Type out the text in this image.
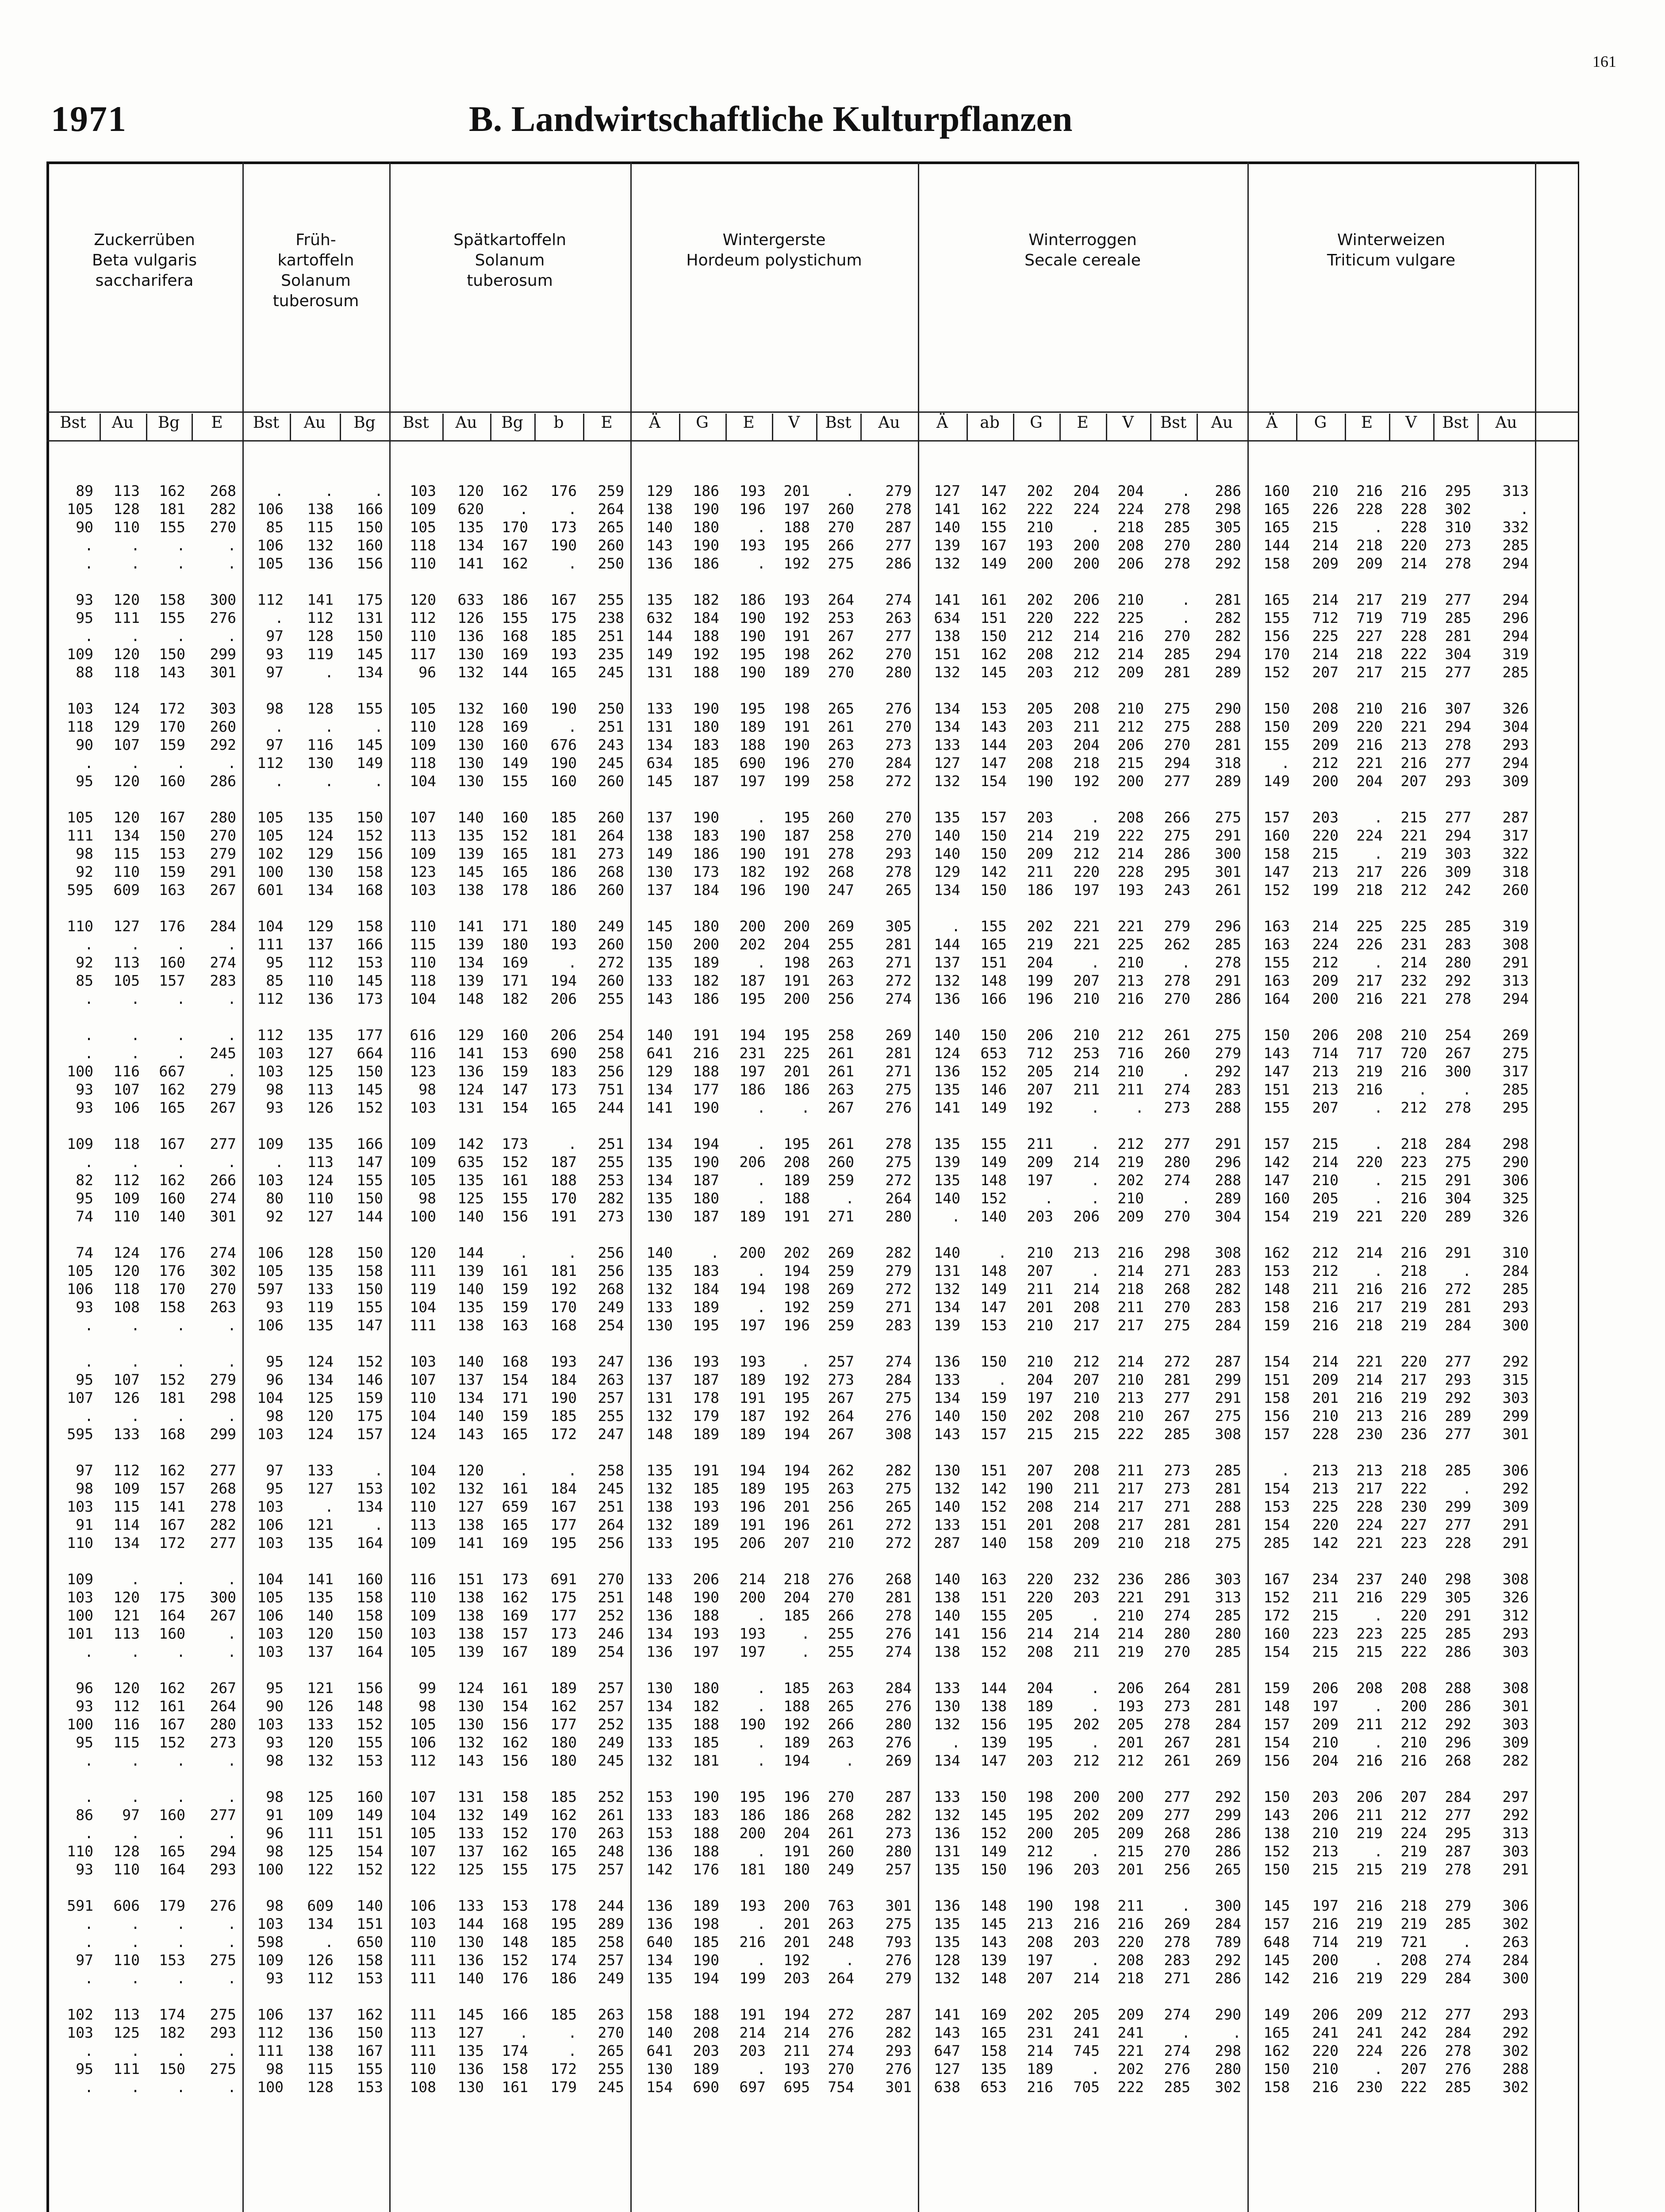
161
1971	B. Landwirtschaftliche Kulturpflanzen
Zuckerrüben
Beta vulgaris
saccharifera
Bst	Au	Bg	E
Früh-
kartoffeln
Solanum
tuberosum
Bst	Au	Bg
Spätkartoffeln
Solanum
tuberosum
Bst	Au	Bg	b	E
Wintergerste
Hordeum polystichum
Ä	G	E	V	Bst	Au
Winterroggen
Secale cereale
Ä	ab	G	E	V	Bst	Au
Winterweizen
Triticum vulgare
Ä	G	E	V	Bst	Au
89	113	162	268	.	.	.	103	120	162	176	259	129	186	193	201	.	279	127	147	202	204	204	.	286	160	210	216	216	295	313
105	128	181	282	106	138	166	109	620	.	.	264	138	190	196	197	260	278	141	162	222	224	224	278	298	165	226	228	228	302	.
90	110	155	270	85	115	150	105	135	170	173	265	140	180	.	188	270	287	140	155	210	.	218	285	305	165	215	.	228	310	332
.	.	.	.	106	132	160	118	134	167	190	260	143	190	193	195	266	277	139	167	193	200	208	270	280	144	214	218	220	273	285
.	.	.	.	105	136	156	110	141	162	.	250	136	186	.	192	275	286	132	149	200	200	206	278	292	158	209	209	214	278	294
93	120	158	300	112	141	175	120	633	186	167	255	135	182	186	193	264	274	141	161	202	206	210	.	281	165	214	217	219	277	294
95	111	155	276	.	112	131	112	126	155	175	238	632	184	190	192	253	263	634	151	220	222	225	.	282	155	712	719	719	285	296
.	.	.	.	97	128	150	110	136	168	185	251	144	188	190	191	267	277	138	150	212	214	216	270	282	156	225	227	228	281	294
109	120	150	299	93	119	145	117	130	169	193	235	149	192	195	198	262	270	151	162	208	212	214	285	294	170	214	218	222	304	319
88	118	143	301	97	.	134	96	132	144	165	245	131	188	190	189	270	280	132	145	203	212	209	281	289	152	207	217	215	277	285
103	124	172	303	98	128	155	105	132	160	190	250	133	190	195	198	265	276	134	153	205	208	210	275	290	150	208	210	216	307	326
118	129	170	260	.	.	.	110	128	169	.	251	131	180	189	191	261	270	134	143	203	211	212	275	288	150	209	220	221	294	304
90	107	159	292	97	116	145	109	130	160	676	243	134	183	188	190	263	273	133	144	203	204	206	270	281	155	209	216	213	278	293
.	.	.	.	112	130	149	118	130	149	190	245	634	185	690	196	270	284	127	147	208	218	215	294	318	.	212	221	216	277	294
95	120	160	286	.	.	.	104	130	155	160	260	145	187	197	199	258	272	132	154	190	192	200	277	289	149	200	204	207	293	309
105	120	167	280	105	135	150	107	140	160	185	260	137	190	.	195	260	270	135	157	203	.	208	266	275	157	203	.	215	277	287
111	134	150	270	105	124	152	113	135	152	181	264	138	183	190	187	258	270	140	150	214	219	222	275	291	160	220	224	221	294	317
98	115	153	279	102	129	156	109	139	165	181	273	149	186	190	191	278	293	140	150	209	212	214	286	300	158	215	.	219	303	322
92	110	159	291	100	130	158	123	145	165	186	268	130	173	182	192	268	278	129	142	211	220	228	295	301	147	213	217	226	309	318
595	609	163	267	601	134	168	103	138	178	186	260	137	184	196	190	247	265	134	150	186	197	193	243	261	152	199	218	212	242	260
110	127	176	284	104	129	158	110	141	171	180	249	145	180	200	200	269	305	.	155	202	221	221	279	296	163	214	225	225	285	319
.	.	.	.	111	137	166	115	139	180	193	260	150	200	202	204	255	281	144	165	219	221	225	262	285	163	224	226	231	283	308
92	113	160	274	95	112	153	110	134	169	.	272	135	189	.	198	263	271	137	151	204	.	210	.	278	155	212	.	214	280	291
85	105	157	283	85	110	145	118	139	171	194	260	133	182	187	191	263	272	132	148	199	207	213	278	291	163	209	217	232	292	313
.	.	.	.	112	136	173	104	148	182	206	255	143	186	195	200	256	274	136	166	196	210	216	270	286	164	200	216	221	278	294
.	.	.	.	112	135	177	616	129	160	206	254	140	191	194	195	258	269	140	150	206	210	212	261	275	150	206	208	210	254	269
.	.	.	245	103	127	664	116	141	153	690	258	641	216	231	225	261	281	124	653	712	253	716	260	279	143	714	717	720	267	275
100	116	667	.	103	125	150	123	136	159	183	256	129	188	197	201	261	271	136	152	205	214	210	.	292	147	213	219	216	300	317
93	107	162	279	98	113	145	98	124	147	173	751	134	177	186	186	263	275	135	146	207	211	211	274	283	151	213	216	.	.	285
93	106	165	267	93	126	152	103	131	154	165	244	141	190	.	.	267	276	141	149	192	.	.	273	288	155	207	.	212	278	295
109	118	167	277	109	135	166	109	142	173	.	251	134	194	.	195	261	278	135	155	211	.	212	277	291	157	215	.	218	284	298
.	.	.	.	.	113	147	109	635	152	187	255	135	190	206	208	260	275	139	149	209	214	219	280	296	142	214	220	223	275	290
82	112	162	266	103	124	155	105	135	161	188	253	134	187	.	189	259	272	135	148	197	.	202	274	288	147	210	.	215	291	306
95	109	160	274	80	110	150	98	125	155	170	282	135	180	.	188	.	264	140	152	.	.	210	.	289	160	205	.	216	304	325
74	110	140	301	92	127	144	100	140	156	191	273	130	187	189	191	271	280	.	140	203	206	209	270	304	154	219	221	220	289	326
74	124	176	274	106	128	150	120	144	.	.	256	140	.	200	202	269	282	140	.	210	213	216	298	308	162	212	214	216	291	310
105	120	176	302	105	135	158	111	139	161	181	256	135	183	.	194	259	279	131	148	207	.	214	271	283	153	212	.	218	.	284
106	118	170	270	597	133	150	119	140	159	192	268	132	184	194	198	269	272	132	149	211	214	218	268	282	148	211	216	216	272	285
93	108	158	263	93	119	155	104	135	159	170	249	133	189	.	192	259	271	134	147	201	208	211	270	283	158	216	217	219	281	293
.	.	.	.	106	135	147	111	138	163	168	254	130	195	197	196	259	283	139	153	210	217	217	275	284	159	216	218	219	284	300
.	.	.	.	95	124	152	103	140	168	193	247	136	193	193	.	257	274	136	150	210	212	214	272	287	154	214	221	220	277	292
95	107	152	279	96	134	146	107	137	154	184	263	137	187	189	192	273	284	133	.	204	207	210	281	299	151	209	214	217	293	315
107	126	181	298	104	125	159	110	134	171	190	257	131	178	191	195	267	275	134	159	197	210	213	277	291	158	201	216	219	292	303
.	.	.	.	98	120	175	104	140	159	185	255	132	179	187	192	264	276	140	150	202	208	210	267	275	156	210	213	216	289	299
595	133	168	299	103	124	157	124	143	165	172	247	148	189	189	194	267	308	143	157	215	215	222	285	308	157	228	230	236	277	301
97	112	162	277	97	133	.	104	120	.	.	258	135	191	194	194	262	282	130	151	207	208	211	273	285	.	213	213	218	285	306
98	109	157	268	95	127	153	102	132	161	184	245	132	185	189	195	263	275	132	142	190	211	217	273	281	154	213	217	222	.	292
103	115	141	278	103	.	134	110	127	659	167	251	138	193	196	201	256	265	140	152	208	214	217	271	288	153	225	228	230	299	309
91	114	167	282	106	121	.	113	138	165	177	264	132	189	191	196	261	272	133	151	201	208	217	281	281	154	220	224	227	277	291
110	134	172	277	103	135	164	109	141	169	195	256	133	195	206	207	210	272	287	140	158	209	210	218	275	285	142	221	223	228	291
109	.	.	.	104	141	160	116	151	173	691	270	133	206	214	218	276	268	140	163	220	232	236	286	303	167	234	237	240	298	308
103	120	175	300	105	135	158	110	138	162	175	251	148	190	200	204	270	281	138	151	220	203	221	291	313	152	211	216	229	305	326
100	121	164	267	106	140	158	109	138	169	177	252	136	188	.	185	266	278	140	155	205	.	210	274	285	172	215	.	220	291	312
101	113	160	.	103	120	150	103	138	157	173	246	134	193	193	.	255	276	141	156	214	214	214	280	280	160	223	223	225	285	293
.	.	.	.	103	137	164	105	139	167	189	254	136	197	197	.	255	274	138	152	208	211	219	270	285	154	215	215	222	286	303
96	120	162	267	95	121	156	99	124	161	189	257	130	180	.	185	263	284	133	144	204	.	206	264	281	159	206	208	208	288	308
93	112	161	264	90	126	148	98	130	154	162	257	134	182	.	188	265	276	130	138	189	.	193	273	281	148	197	.	200	286	301
100	116	167	280	103	133	152	105	130	156	177	252	135	188	190	192	266	280	132	156	195	202	205	278	284	157	209	211	212	292	303
95	115	152	273	93	120	155	106	132	162	180	249	133	185	.	189	263	276	.	139	195	.	201	267	281	154	210	.	210	296	309
.	.	.	.	98	132	153	112	143	156	180	245	132	181	.	194	.	269	134	147	203	212	212	261	269	156	204	216	216	268	282
.	.	.	.	98	125	160	107	131	158	185	252	153	190	195	196	270	287	133	150	198	200	200	277	292	150	203	206	207	284	297
86	97	160	277	91	109	149	104	132	149	162	261	133	183	186	186	268	282	132	145	195	202	209	277	299	143	206	211	212	277	292
.	.	.	.	96	111	151	105	133	152	170	263	153	188	200	204	261	273	136	152	200	205	209	268	286	138	210	219	224	295	313
110	128	165	294	98	125	154	107	137	162	165	248	136	188	.	191	260	280	131	149	212	.	215	270	286	152	213	.	219	287	303
93	110	164	293	100	122	152	122	125	155	175	257	142	176	181	180	249	257	135	150	196	203	201	256	265	150	215	215	219	278	291
591	606	179	276	98	609	140	106	133	153	178	244	136	189	193	200	763	301	136	148	190	198	211	.	300	145	197	216	218	279	306
.	.	.	.	103	134	151	103	144	168	195	289	136	198	.	201	263	275	135	145	213	216	216	269	284	157	216	219	219	285	302
.	.	.	.	598	.	650	110	130	148	185	258	640	185	216	201	248	793	135	143	208	203	220	278	789	648	714	219	721	.	263
97	110	153	275	109	126	158	111	136	152	174	257	134	190	.	192	.	276	128	139	197	.	208	283	292	145	200	.	208	274	284
.	.	.	.	93	112	153	111	140	176	186	249	135	194	199	203	264	279	132	148	207	214	218	271	286	142	216	219	229	284	300
102	113	174	275	106	137	162	111	145	166	185	263	158	188	191	194	272	287	141	169	202	205	209	274	290	149	206	209	212	277	293
103	125	182	293	112	136	150	113	127	.	.	270	140	208	214	214	276	282	143	165	231	241	241	.	.	165	241	241	242	284	292
.	.	.	.	111	138	167	111	135	174	.	265	641	203	203	211	274	293	647	158	214	745	221	274	298	162	220	224	226	278	302
95	111	150	275	98	115	155	110	136	158	172	255	130	189	.	193	270	276	127	135	189	.	202	276	280	150	210	.	207	276	288
.	.	.	.	100	128	153	108	130	161	179	245	154	690	697	695	754	301	638	653	216	705	222	285	302	158	216	230	222	285	302
